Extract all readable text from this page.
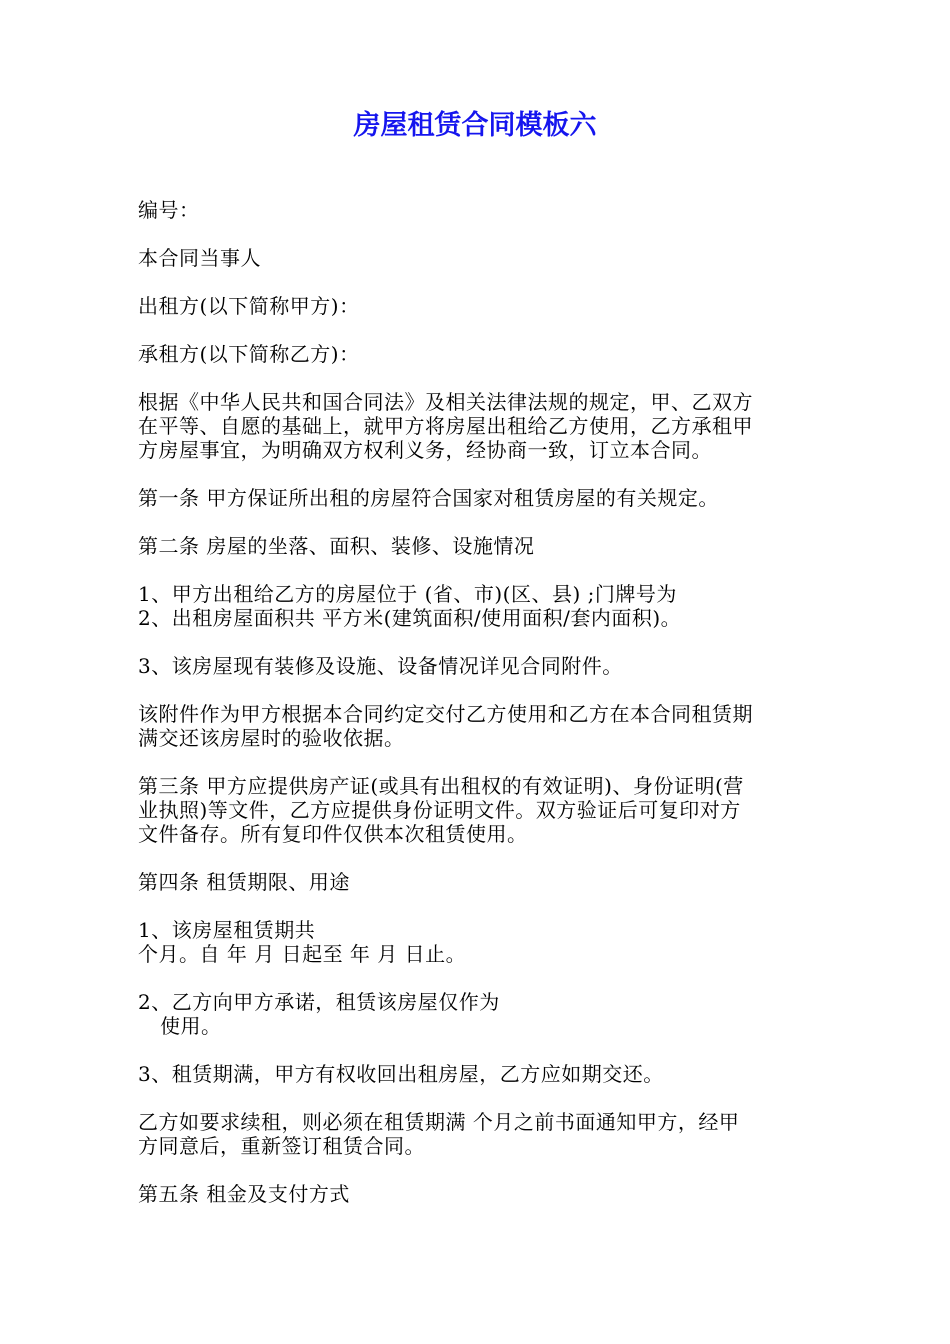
房屋租赁合同模板六

编号：

本合同当事人

出租方(以下简称甲方)：

承租方(以下简称乙方)：

根据《中华人民共和国合同法》及相关法律法规的规定，甲、乙双方
在平等、自愿的基础上，就甲方将房屋出租给乙方使用，乙方承租甲
方房屋事宜，为明确双方权利义务，经协商一致，订立本合同。

第一条 甲方保证所出租的房屋符合国家对租赁房屋的有关规定。

第二条 房屋的坐落、面积、装修、设施情况

1、甲方出租给乙方的房屋位于 (省、市)(区、县) ;门牌号为
2、出租房屋面积共 平方米(建筑面积/使用面积/套内面积)。

3、该房屋现有装修及设施、设备情况详见合同附件。

该附件作为甲方根据本合同约定交付乙方使用和乙方在本合同租赁期
满交还该房屋时的验收依据。

第三条 甲方应提供房产证(或具有出租权的有效证明)、身份证明(营
业执照)等文件，乙方应提供身份证明文件。双方验证后可复印对方
文件备存。所有复印件仅供本次租赁使用。

第四条 租赁期限、用途

1、该房屋租赁期共
个月。自 年 月 日起至 年 月 日止。

2、乙方向甲方承诺，租赁该房屋仅作为
使用。

3、租赁期满，甲方有权收回出租房屋，乙方应如期交还。

乙方如要求续租，则必须在租赁期满 个月之前书面通知甲方，经甲
方同意后，重新签订租赁合同。

第五条 租金及支付方式
